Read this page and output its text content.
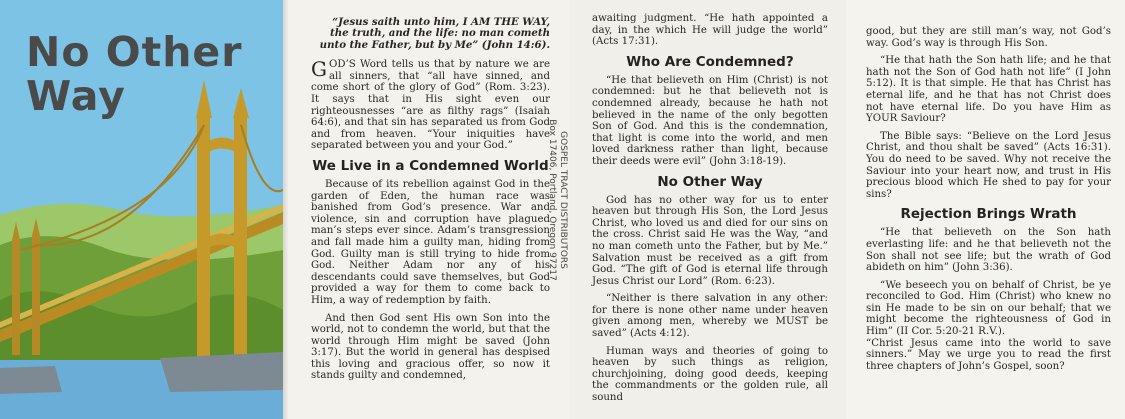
No Other
Way
“Jesus saith unto him, I AM THE WAY, the truth, and the life: no man cometh unto the Father, but by Me” (John 14:6).

GOD’S Word tells us that by nature we are all sinners, that “all have sinned, and come short of the glory of God” (Rom. 3:23). It says that in His sight even our righteousnesses “are as filthy rags” (Isaiah 64:6), and that sin has separated us from God and from heaven. “Your iniquities have separated between you and your God.”

We Live in a Condemned World

Because of its rebellion against God in the garden of Eden, the human race was banished from God’s presence. War and violence, sin and corruption have plagued man’s steps ever since. Adam’s transgression and fall made him a guilty man, hiding from God. Guilty man is still trying to hide from God. Neither Adam nor any of his descendants could save themselves, but God provided a way for them to come back to Him, a way of redemption by faith.

And then God sent His own Son into the world, not to condemn the world, but that the world through Him might be saved (John 3:17). But the world in general has despised this loving and gracious offer, so now it stands guilty and condemned,

awaiting judgment. “He hath appointed a day, in the which He will judge the world” (Acts 17:31).

Who Are Condemned?

“He that believeth on Him (Christ) is not condemned: but he that believeth not is condemned already, because he hath not believed in the name of the only begotten Son of God. And this is the condemnation, that light is come into the world, and men loved darkness rather than light, because their deeds were evil” (John 3:18-19).

No Other Way

God has no other way for us to enter heaven but through His Son, the Lord Jesus Christ, who loved us and died for our sins on the cross. Christ said He was the Way, “and no man cometh unto the Father, but by Me.” Salvation must be received as a gift from God. “The gift of God is eternal life through Jesus Christ our Lord” (Rom. 6:23).

“Neither is there salvation in any other: for there is none other name under heaven given among men, whereby we MUST be saved” (Acts 4:12).

Human ways and theories of going to heaven by such things as religion, churchjoining, doing good deeds, keeping the commandments or the golden rule, all sound

GOSPEL TRACT DISTRIBUTORS
Box 17406, Portland, Oregon 97217

good, but they are still man’s way, not God’s way. God’s way is through His Son.

“He that hath the Son hath life; and he that hath not the Son of God hath not life” (I John 5:12). It is that simple. He that has Christ has eternal life, and he that has not Christ does not have eternal life. Do you have Him as YOUR Saviour?

The Bible says: “Believe on the Lord Jesus Christ, and thou shalt be saved” (Acts 16:31). You do need to be saved. Why not receive the Saviour into your heart now, and trust in His precious blood which He shed to pay for your sins?

Rejection Brings Wrath

“He that believeth on the Son hath everlasting life: and he that believeth not the Son shall not see life; but the wrath of God abideth on him” (John 3:36).

“We beseech you on behalf of Christ, be ye reconciled to God. Him (Christ) who knew no sin He made to be sin on our behalf; that we might become the righteousness of God in Him” (II Cor. 5:20-21 R.V.).

“Christ Jesus came into the world to save sinners.” May we urge you to read the first three chapters of John’s Gospel, soon?
